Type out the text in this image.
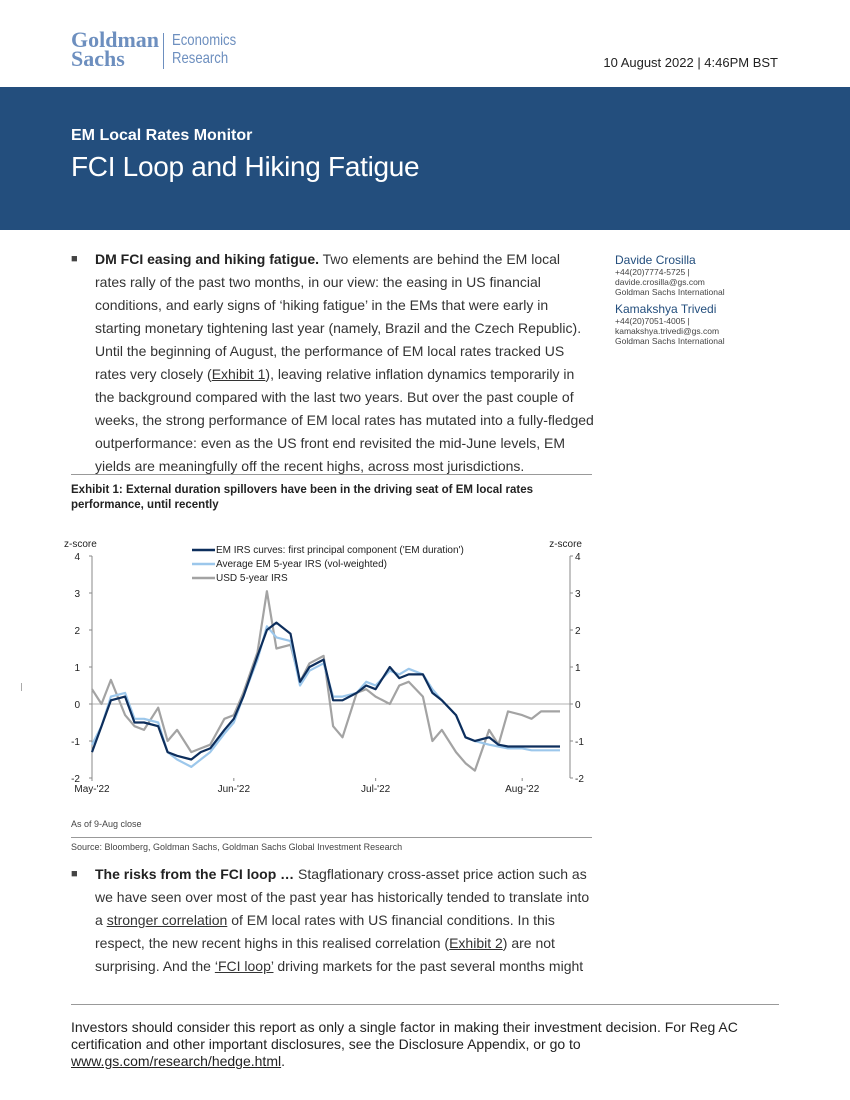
Goldman
Sachs
Economics
Research	10 August 2022 | 4:46PM BST
EM Local Rates Monitor
FCI Loop and Hiking Fatigue
■ DM FCI easing and hiking fatigue. Two elements are behind the EM local rates rally of the past two months, in our view: the easing in US financial conditions, and early signs of ‘hiking fatigue’ in the EMs that were early in starting monetary tightening last year (namely, Brazil and the Czech Republic). Until the beginning of August, the performance of EM local rates tracked US rates very closely (Exhibit 1), leaving relative inflation dynamics temporarily in the background compared with the last two years. But over the past couple of weeks, the strong performance of EM local rates has mutated into a fully-fledged outperformance: even as the US front end revisited the mid-June levels, EM yields are meaningfully off the recent highs, across most jurisdictions.
Davide Crosilla
+44(20)7774-5725 |
davide.crosilla@gs.com
Goldman Sachs International
Kamakshya Trivedi
+44(20)7051-4005 |
kamakshya.trivedi@gs.com
Goldman Sachs International
Exhibit 1: External duration spillovers have been in the driving seat of EM local rates performance, until recently
4	4
3	3
2	2
1	1
0	0
-1	-1
-2	-2
z-score	z-score
May-'22	Jun-'22	Jul-'22	Aug-'22
EM IRS curves: first principal component ('EM duration')
Average EM 5-year IRS (vol-weighted)
USD 5-year IRS
As of 9-Aug close
Source: Bloomberg, Goldman Sachs, Goldman Sachs Global Investment Research
■ The risks from the FCI loop … Stagflationary cross-asset price action such as we have seen over most of the past year has historically tended to translate into a stronger correlation of EM local rates with US financial conditions. In this respect, the new recent highs in this realised correlation (Exhibit 2) are not surprising. And the ‘FCI loop’ driving markets for the past several months might
Investors should consider this report as only a single factor in making their investment decision. For Reg AC certification and other important disclosures, see the Disclosure Appendix, or go to www.gs.com/research/hedge.html.
